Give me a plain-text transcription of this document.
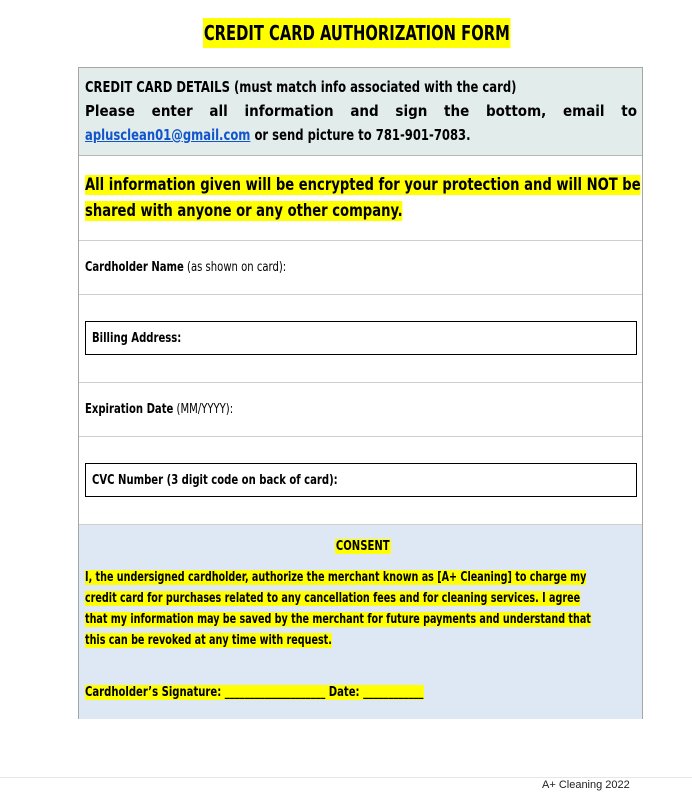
CREDIT CARD AUTHORIZATION FORM
CREDIT CARD DETAILS (must match info associated with the card)
Please enter all information and sign the bottom, email to
aplusclean01@gmail.com or send picture to 781-901-7083.
All information given will be encrypted for your protection and will NOT be
shared with anyone or any other company.
Cardholder Name (as shown on card):
Billing Address:
Expiration Date (MM/YYYY):
CVC Number (3 digit code on back of card):
CONSENT
I, the undersigned cardholder, authorize the merchant known as [A+ Cleaning] to charge my
credit card for purchases related to any cancellation fees and for cleaning services. I agree
that my information may be saved by the merchant for future payments and understand that
this can be revoked at any time with request.
Cardholder’s Signature: ____________________ Date: ____________
A+ Cleaning 2022
